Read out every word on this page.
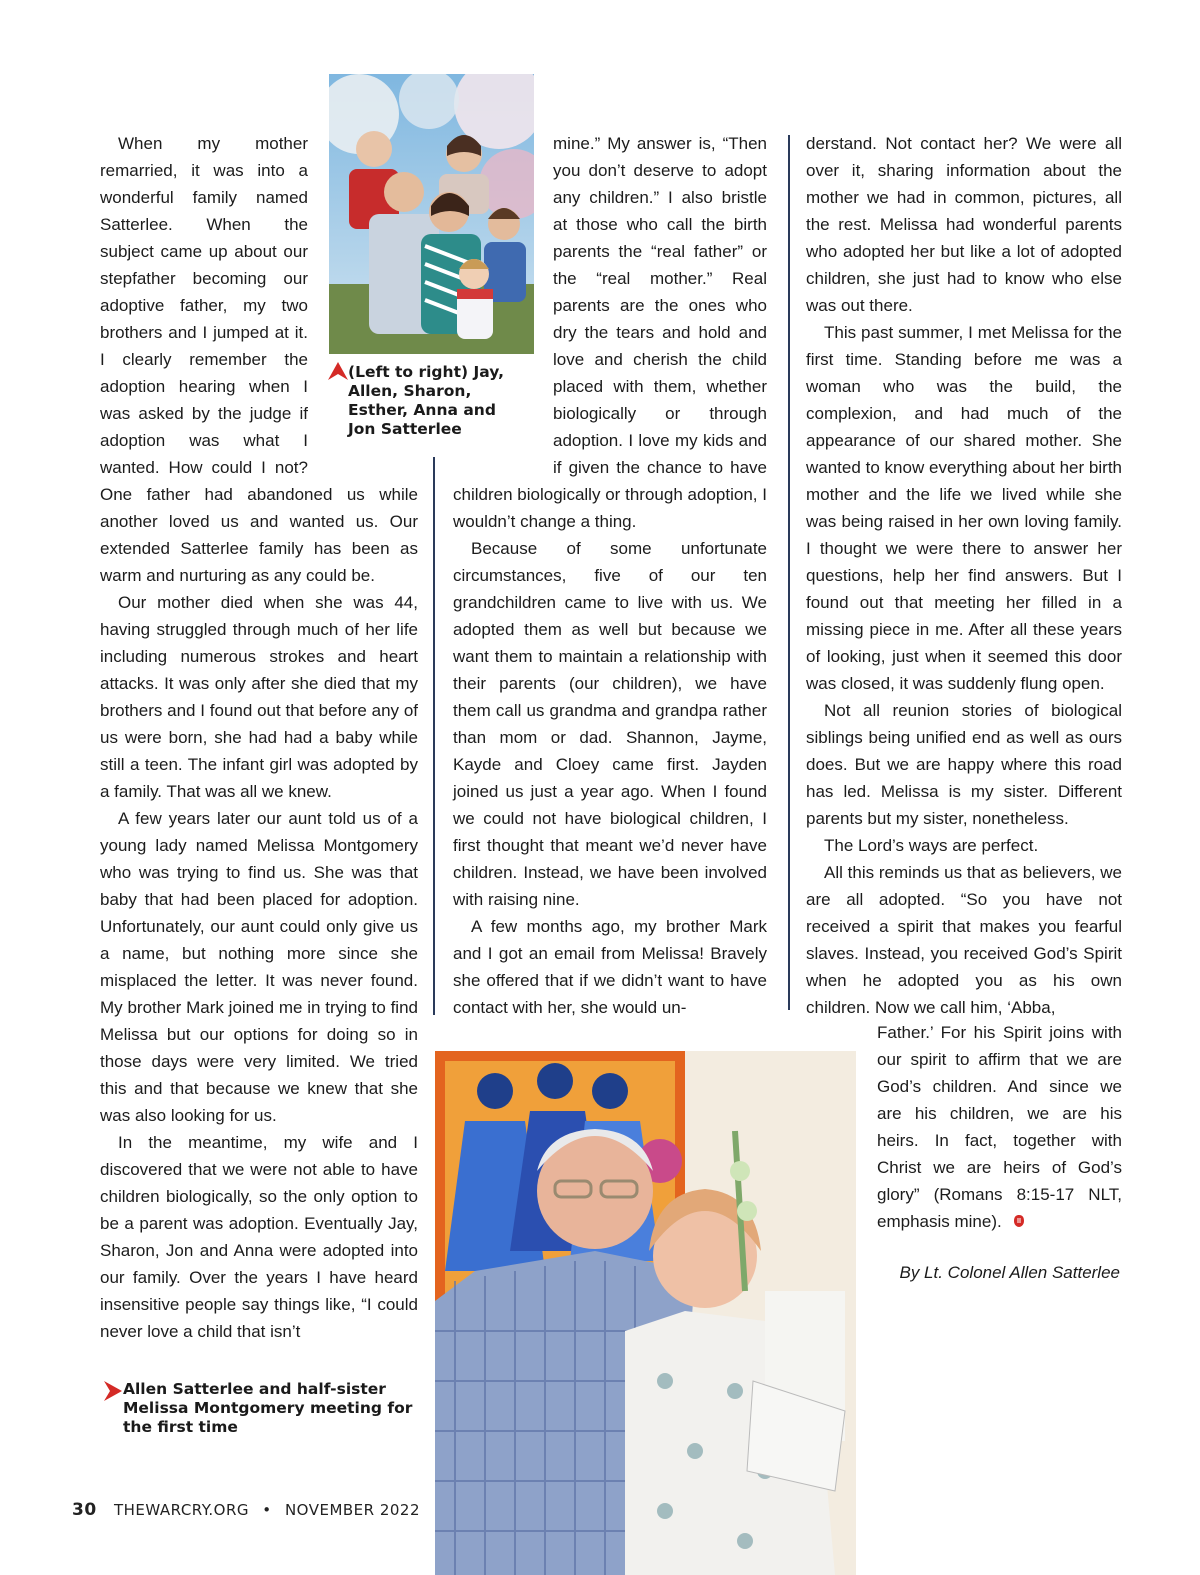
(Left to right) Jay, Allen, Sharon, Esther, Anna and Jon Satterlee

When my mother remarried, it was into a wonderful family named Satterlee. When the subject came up about our stepfather becoming our adoptive father, my two brothers and I jumped at it. I clearly remember the adoption hearing when I was asked by the judge if adoption was what I wanted. How could I not? One father had abandoned us while another loved us and wanted us. Our extended Satterlee family has been as warm and nurturing as any could be.

Our mother died when she was 44, having struggled through much of her life including numerous strokes and heart attacks. It was only after she died that my brothers and I found out that before any of us were born, she had had a baby while still a teen. The infant girl was adopted by a family. That was all we knew.

A few years later our aunt told us of a young lady named Melissa Montgomery who was trying to find us. She was that baby that had been placed for adoption. Unfortunately, our aunt could only give us a name, but nothing more since she misplaced the letter. It was never found. My brother Mark joined me in trying to find Melissa but our options for doing so in those days were very limited. We tried this and that because we knew that she was also looking for us.

In the meantime, my wife and I discovered that we were not able to have children biologically, so the only option to be a parent was adoption. Eventually Jay, Sharon, Jon and Anna were adopted into our family. Over the years I have heard insensitive people say things like, “I could never love a child that isn’t

mine.” My answer is, “Then you don’t deserve to adopt any children.” I also bristle at those who call the birth parents the “real father” or the “real mother.” Real parents are the ones who dry the tears and hold and love and cherish the child placed with them, whether biologically or through adoption. I love my kids and if given the chance to have children biologically or through adoption, I wouldn’t change a thing.

Because of some unfortunate circumstances, five of our ten grandchildren came to live with us. We adopted them as well but because we want them to maintain a relationship with their parents (our children), we have them call us grandma and grandpa rather than mom or dad. Shannon, Jayme, Kayde and Cloey came first. Jayden joined us just a year ago. When I found we could not have biological children, I first thought that meant we’d never have children. Instead, we have been involved with raising nine.

A few months ago, my brother Mark and I got an email from Melissa! Bravely she offered that if we didn’t want to have contact with her, she would un-

derstand. Not contact her? We were all over it, sharing information about the mother we had in common, pictures, all the rest. Melissa had wonderful parents who adopted her but like a lot of adopted children, she just had to know who else was out there.

This past summer, I met Melissa for the first time. Standing before me was a woman who was the build, the complexion, and had much of the appearance of our shared mother. She wanted to know everything about her birth mother and the life we lived while she was being raised in her own loving family. I thought we were there to answer her questions, help her find answers. But I found out that meeting her filled in a missing piece in me. After all these years of looking, just when it seemed this door was closed, it was suddenly flung open.

Not all reunion stories of biological siblings being unified end as well as ours does. But we are happy where this road has led. Melissa is my sister. Different parents but my sister, nonetheless.

The Lord’s ways are perfect.

All this reminds us that as believers, we are all adopted. “So you have not received a spirit that makes you fearful slaves. Instead, you received God’s Spirit when he adopted you as his own children. Now we call him, ‘Abba,

Father.’ For his Spirit joins with our spirit to affirm that we are God’s children. And since we are his children, we are his heirs. In fact, together with Christ we are heirs of God’s glory” (Romans 8:15-17 NLT, emphasis mine).

By Lt. Colonel Allen Satterlee
Allen Satterlee and half-sister Melissa Montgomery meeting for the first time
30 THEWARCRY.ORG • NOVEMBER 2022
